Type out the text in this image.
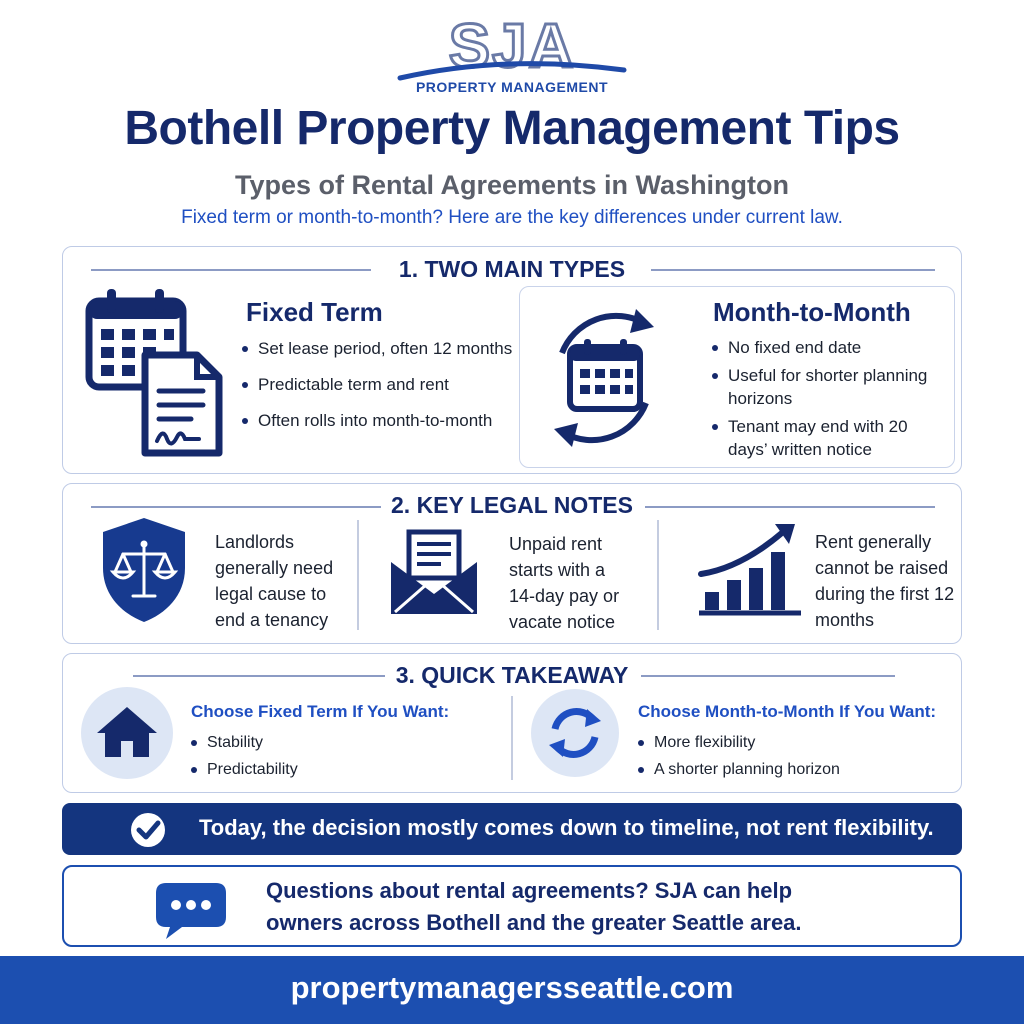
SJA
PROPERTY MANAGEMENT
Bothell Property Management Tips
Types of Rental Agreements in Washington
Fixed term or month-to-month? Here are the key differences under current law.
1. TWO MAIN TYPES
Fixed Term
Set lease period, often 12 months
Predictable term and rent
Often rolls into month-to-month
Month-to-Month
No fixed end date
Useful for shorter planning horizons
Tenant may end with 20 days’ written notice
2. KEY LEGAL NOTES
Landlords generally need legal cause to end a tenancy
Unpaid rent starts with a 14-day pay or vacate notice
Rent generally cannot be raised during the first 12 months
3. QUICK TAKEAWAY
Choose Fixed Term If You Want:
Stability
Predictability
Choose Month-to-Month If You Want:
More flexibility
A shorter planning horizon
Today, the decision mostly comes down to timeline, not rent flexibility.
Questions about rental agreements? SJA can help owners across Bothell and the greater Seattle area.
propertymanagersseattle.com
